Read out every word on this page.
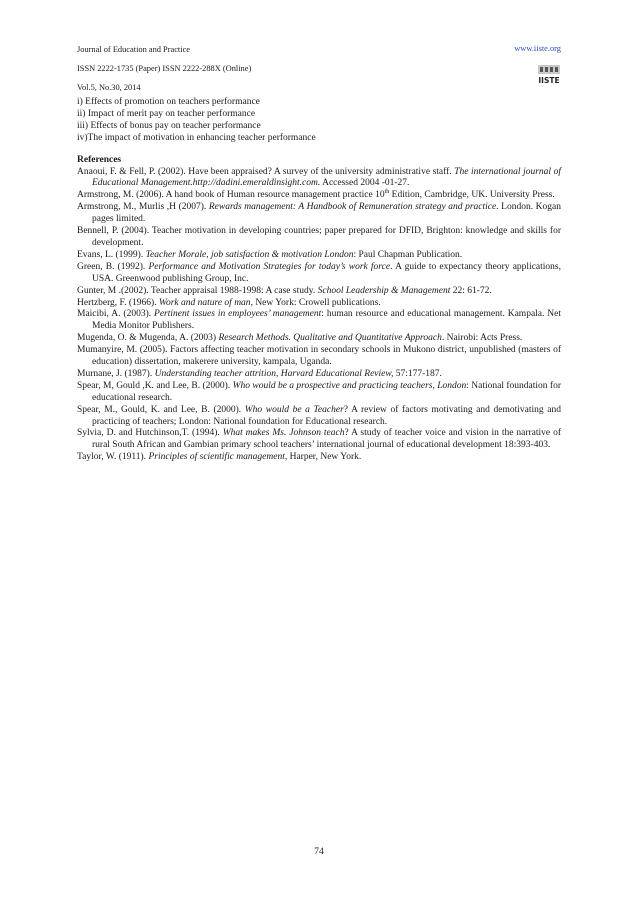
Journal of Education and Practice
ISSN 2222-1735 (Paper) ISSN 2222-288X (Online)
Vol.5, No.30, 2014
www.iiste.org
IISTE
i) Effects of promotion on teachers performance
ii) Impact of merit pay on teacher performance
iii) Effects of bonus pay on teacher performance
iv)The impact of motivation in enhancing teacher performance
References
Anaoui, F. & Fell, P. (2002). Have been appraised? A survey of the university administrative staff. The international journal of Educational Management.http://dadini.emeraldinsight.com. Accessed 2004 -01-27.
Armstrong, M. (2006). A hand book of Human resource management practice 10th Edition, Cambridge, UK. University Press.
Armstrong, M., Murlis ,H (2007). Rewards management: A Handbook of Remuneration strategy and practice. London. Kogan pages limited.
Bennell, P. (2004). Teacher motivation in developing countries; paper prepared for DFID, Brighton: knowledge and skills for development.
Evans, L. (1999). Teacher Morale, job satisfaction & motivation London: Paul Chapman Publication.
Green, B. (1992). Performance and Motivation Strategies for today’s work force. A guide to expectancy theory applications, USA. Greenwood publishing Group, Inc.
Gunter, M .(2002). Teacher appraisal 1988-1998: A case study. School Leadership & Management 22: 61-72.
Hertzberg, F. (1966). Work and nature of man, New York: Crowell publications.
Maicibi, A. (2003). Pertinent issues in employees’ management: human resource and educational management. Kampala. Net Media Monitor Publishers.
Mugenda, O. & Mugenda, A. (2003) Research Methods. Qualitative and Quantitative Approach. Nairobi: Acts Press.
Mumanyire, M. (2005). Factors affecting teacher motivation in secondary schools in Mukono district, unpublished (masters of education) dissertation, makerere university, kampala, Uganda.
Murnane, J. (1987). Understanding teacher attrition, Harvard Educational Review, 57:177-187.
Spear, M, Gould ,K. and Lee, B. (2000). Who would be a prospective and practicing teachers, London: National foundation for educational research.
Spear, M., Gould, K. and Lee, B. (2000). Who would be a Teacher? A review of factors motivating and demotivating and practicing of teachers; London: National foundation for Educational research.
Sylvia, D. and Hutchinson,T. (1994). What makes Ms. Johnson teach? A study of teacher voice and vision in the narrative of rural South African and Gambian primary school teachers’ international journal of educational development 18:393-403.
Taylor, W. (1911). Principles of scientific management, Harper, New York.
74
